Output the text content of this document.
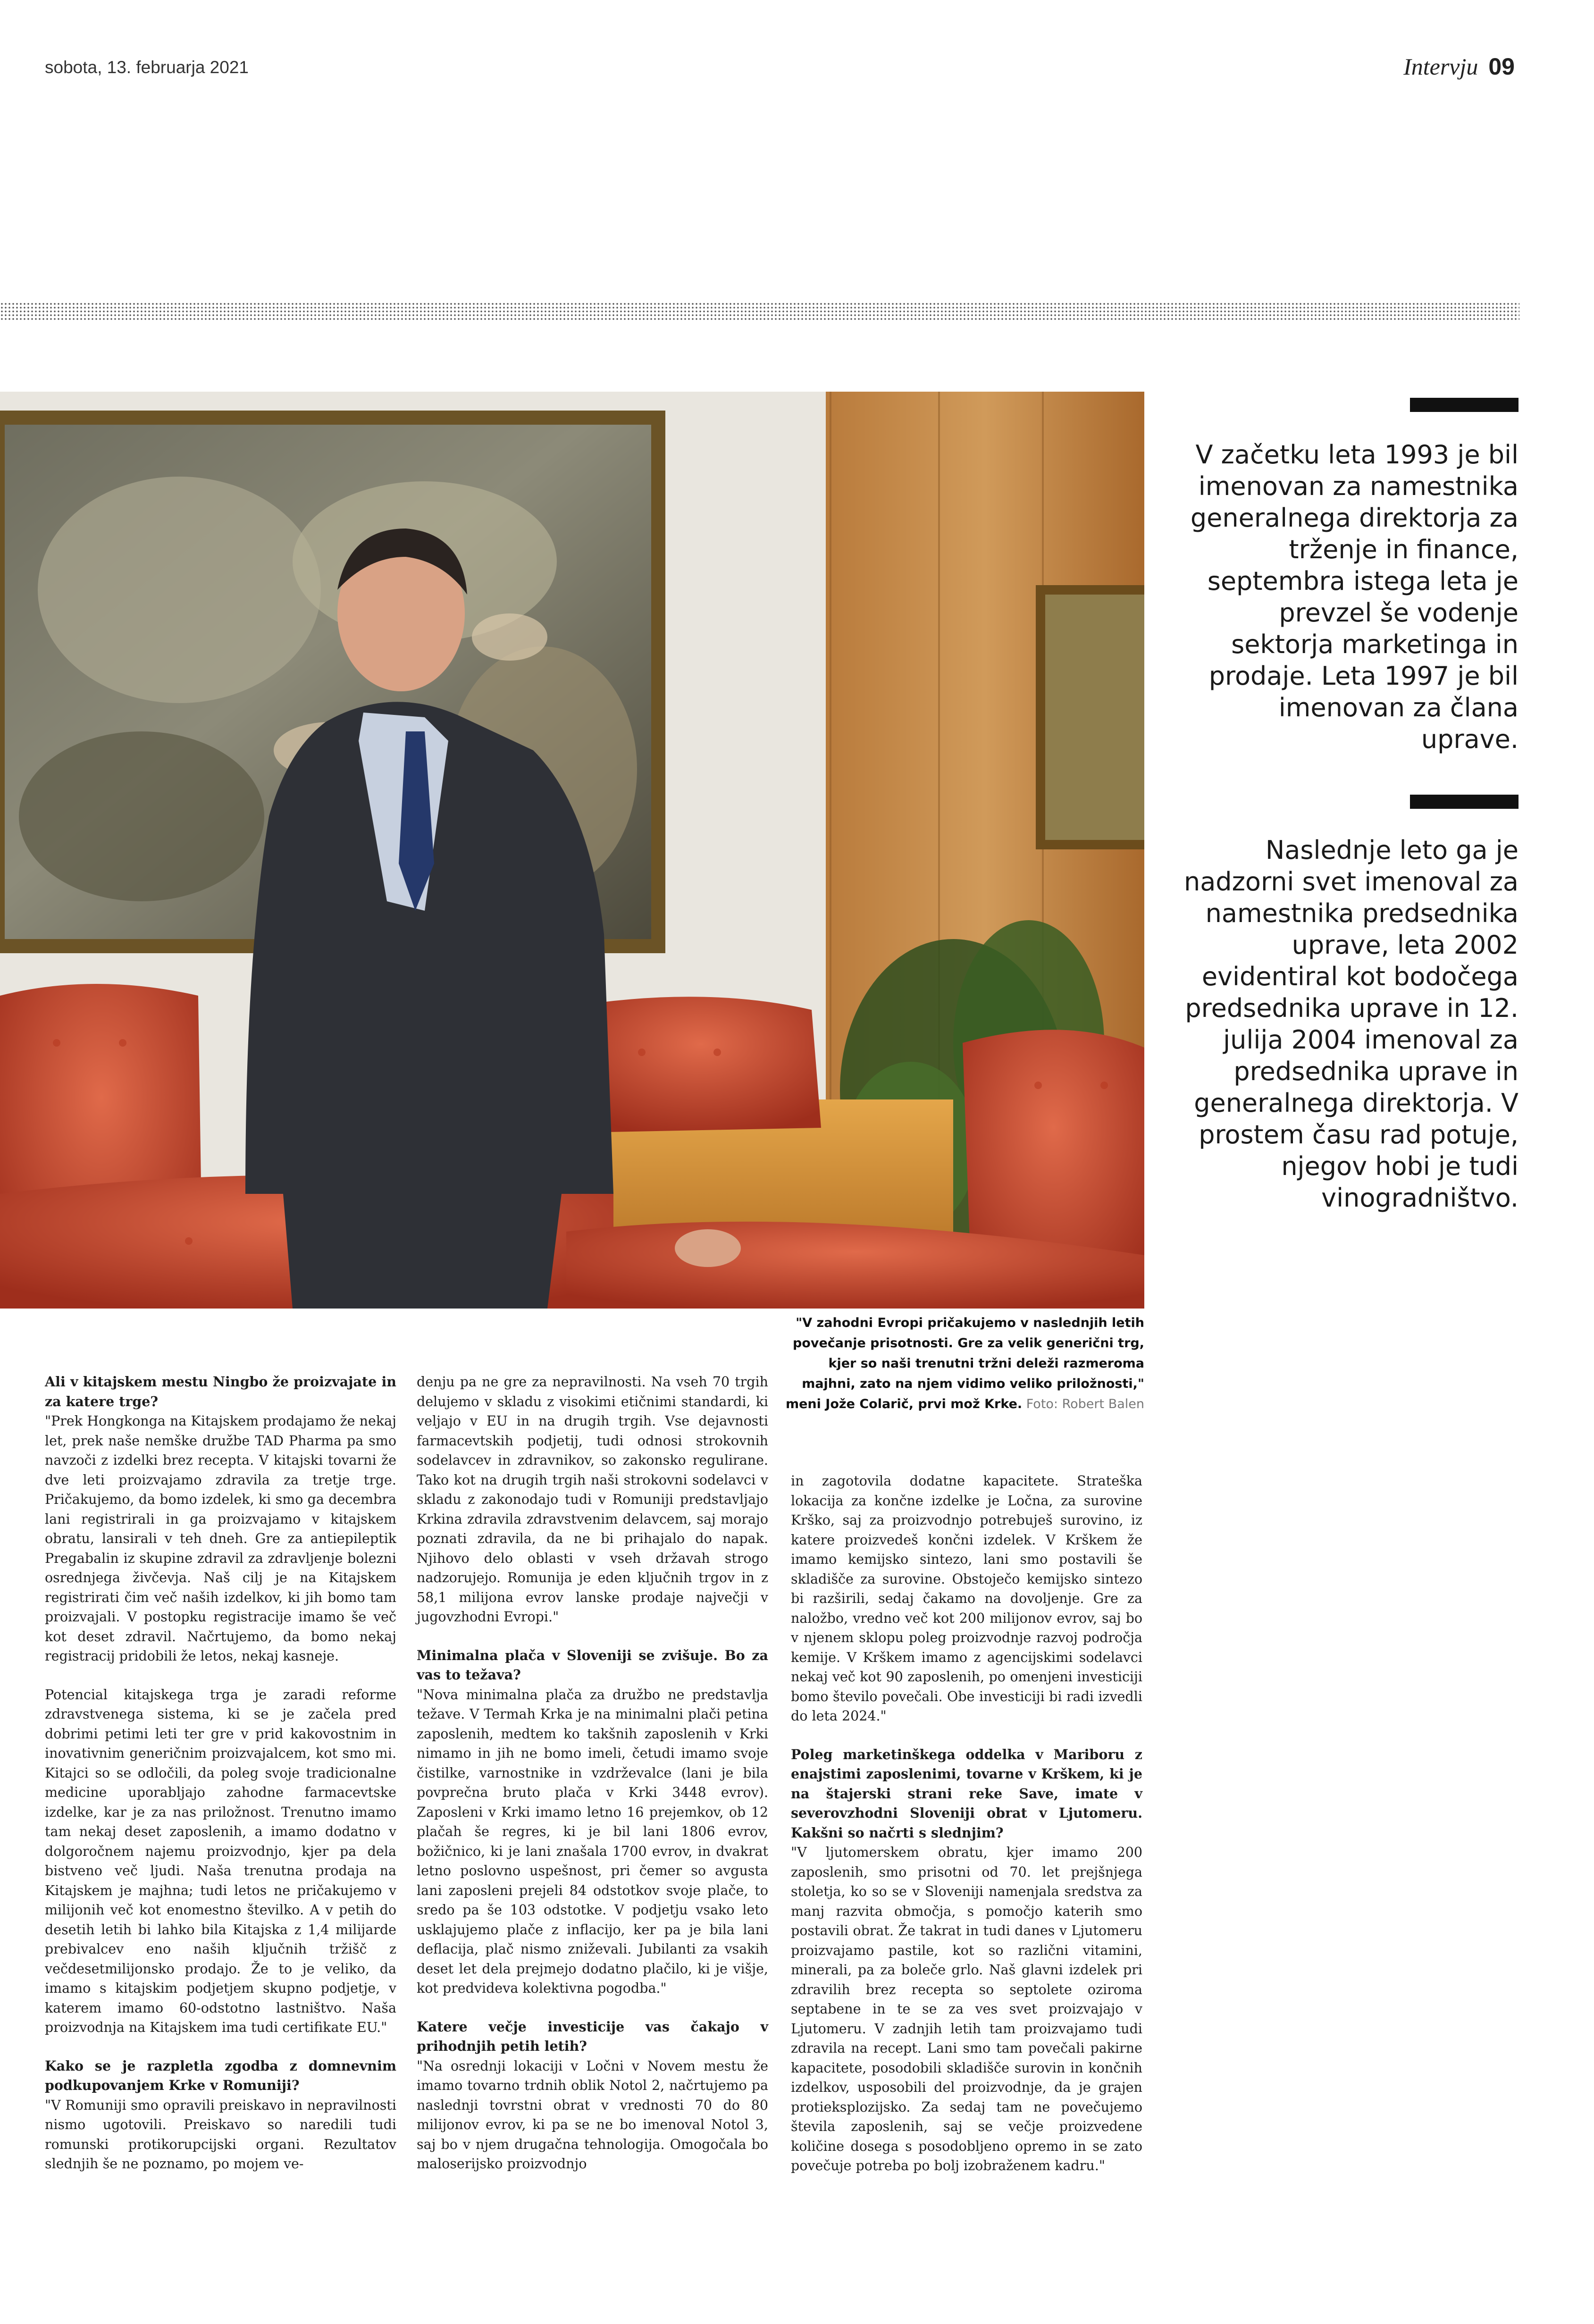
sobota, 13. februarja 2021	Intervju 09
V začetku leta 1993 je bil imenovan za namestnika generalnega direktorja za trženje in finance, septembra istega leta je prevzel še vodenje sektorja marketinga in prodaje. Leta 1997 je bil imenovan za člana uprave.
Naslednje leto ga je nadzorni svet imenoval za namestnika predsednika uprave, leta 2002 evidentiral kot bodočega predsednika uprave in 12. julija 2004 imenoval za predsednika uprave in generalnega direktorja. V prostem času rad potuje, njegov hobi je tudi vinogradništvo.
"V zahodni Evropi pričakujemo v naslednjih letih povečanje prisotnosti. Gre za velik generični trg, kjer so naši trenutni tržni deleži razmeroma majhni, zato na njem vidimo veliko priložnosti," meni Jože Colarič, prvi mož Krke. Foto: Robert Balen

Ali v kitajskem mestu Ningbo že proizvajate in za katere trge?
"Prek Hongkonga na Kitajskem prodajamo že nekaj let, prek naše nemške družbe TAD Pharma pa smo navzoči z izdelki brez recepta. V kitajski tovarni že dve leti proizvajamo zdravila za tretje trge. Pričakujemo, da bomo izdelek, ki smo ga decembra lani registrirali in ga proizvajamo v kitajskem obratu, lansirali v teh dneh. Gre za antiepileptik Pregabalin iz skupine zdravil za zdravljenje bolezni osrednjega živčevja. Naš cilj je na Kitajskem registrirati čim več naših izdelkov, ki jih bomo tam proizvajali. V postopku registracije imamo še več kot deset zdravil. Načrtujemo, da bomo nekaj registracij pridobili že letos, nekaj kasneje.

Potencial kitajskega trga je zaradi reforme zdravstvenega sistema, ki se je začela pred dobrimi petimi leti ter gre v prid kakovostnim in inovativnim generičnim proizvajalcem, kot smo mi. Kitajci so se odločili, da poleg svoje tradicionalne medicine uporabljajo zahodne farmacevtske izdelke, kar je za nas priložnost. Trenutno imamo tam nekaj deset zaposlenih, a imamo dodatno v dolgoročnem najemu proizvodnjo, kjer pa dela bistveno več ljudi. Naša trenutna prodaja na Kitajskem je majhna; tudi letos ne pričakujemo v milijonih več kot enomestno številko. A v petih do desetih letih bi lahko bila Kitajska z 1,4 milijarde prebivalcev eno naših ključnih tržišč z večdesetmilijonsko prodajo. Že to je veliko, da imamo s kitajskim podjetjem skupno podjetje, v katerem imamo 60-odstotno lastništvo. Naša proizvodnja na Kitajskem ima tudi certifikate EU."

Kako se je razpletla zgodba z domnevnim podkupovanjem Krke v Romuniji?
"V Romuniji smo opravili preiskavo in nepravilnosti nismo ugotovili. Preiskavo so naredili tudi romunski protikorupcijski organi. Rezultatov slednjih še ne poznamo, po mojem ve-

denju pa ne gre za nepravilnosti. Na vseh 70 trgih delujemo v skladu z visokimi etičnimi standardi, ki veljajo v EU in na drugih trgih. Vse dejavnosti farmacevtskih podjetij, tudi odnosi strokovnih sodelavcev in zdravnikov, so zakonsko regulirane. Tako kot na drugih trgih naši strokovni sodelavci v skladu z zakonodajo tudi v Romuniji predstavljajo Krkina zdravila zdravstvenim delavcem, saj morajo poznati zdravila, da ne bi prihajalo do napak. Njihovo delo oblasti v vseh državah strogo nadzorujejo. Romunija je eden ključnih trgov in z 58,1 milijona evrov lanske prodaje največji v jugovzhodni Evropi."

Minimalna plača v Sloveniji se zvišuje. Bo za vas to težava?
"Nova minimalna plača za družbo ne predstavlja težave. V Termah Krka je na minimalni plači petina zaposlenih, medtem ko takšnih zaposlenih v Krki nimamo in jih ne bomo imeli, četudi imamo svoje čistilke, varnostnike in vzdrževalce (lani je bila povprečna bruto plača v Krki 3448 evrov). Zaposleni v Krki imamo letno 16 prejemkov, ob 12 plačah še regres, ki je bil lani 1806 evrov, božičnico, ki je lani znašala 1700 evrov, in dvakrat letno poslovno uspešnost, pri čemer so avgusta lani zaposleni prejeli 84 odstotkov svoje plače, to sredo pa še 103 odstotke. V podjetju vsako leto usklajujemo plače z inflacijo, ker pa je bila lani deflacija, plač nismo zniževali. Jubilanti za vsakih deset let dela prejmejo dodatno plačilo, ki je višje, kot predvideva kolektivna pogodba."

Katere večje investicije vas čakajo v prihodnjih petih letih?
"Na osrednji lokaciji v Ločni v Novem mestu že imamo tovarno trdnih oblik Notol 2, načrtujemo pa naslednji tovrstni obrat v vrednosti 70 do 80 milijonov evrov, ki pa se ne bo imenoval Notol 3, saj bo v njem drugačna tehnologija. Omogočala bo maloserijsko proizvodnjo

in zagotovila dodatne kapacitete. Strateška lokacija za končne izdelke je Ločna, za surovine Krško, saj za proizvodnjo potrebuješ surovino, iz katere proizvedeš končni izdelek. V Krškem že imamo kemijsko sintezo, lani smo postavili še skladišče za surovine. Obstoječo kemijsko sintezo bi razširili, sedaj čakamo na dovoljenje. Gre za naložbo, vredno več kot 200 milijonov evrov, saj bo v njenem sklopu poleg proizvodnje razvoj področja kemije. V Krškem imamo z agencijskimi sodelavci nekaj več kot 90 zaposlenih, po omenjeni investiciji bomo število povečali. Obe investiciji bi radi izvedli do leta 2024."

Poleg marketinškega oddelka v Mariboru z enajstimi zaposlenimi, tovarne v Krškem, ki je na štajerski strani reke Save, imate v severovzhodni Sloveniji obrat v Ljutomeru. Kakšni so načrti s slednjim?
"V ljutomerskem obratu, kjer imamo 200 zaposlenih, smo prisotni od 70. let prejšnjega stoletja, ko so se v Sloveniji namenjala sredstva za manj razvita območja, s pomočjo katerih smo postavili obrat. Že takrat in tudi danes v Ljutomeru proizvajamo pastile, kot so različni vitamini, minerali, pa za boleče grlo. Naš glavni izdelek pri zdravilih brez recepta so septolete oziroma septabene in te se za ves svet proizvajajo v Ljutomeru. V zadnjih letih tam proizvajamo tudi zdravila na recept. Lani smo tam povečali pakirne kapacitete, posodobili skladišče surovin in končnih izdelkov, usposobili del proizvodnje, da je grajen protieksplozijsko. Za sedaj tam ne povečujemo števila zaposlenih, saj se večje proizvedene količine dosega s posodobljeno opremo in se zato povečuje potreba po bolj izobraženem kadru."
